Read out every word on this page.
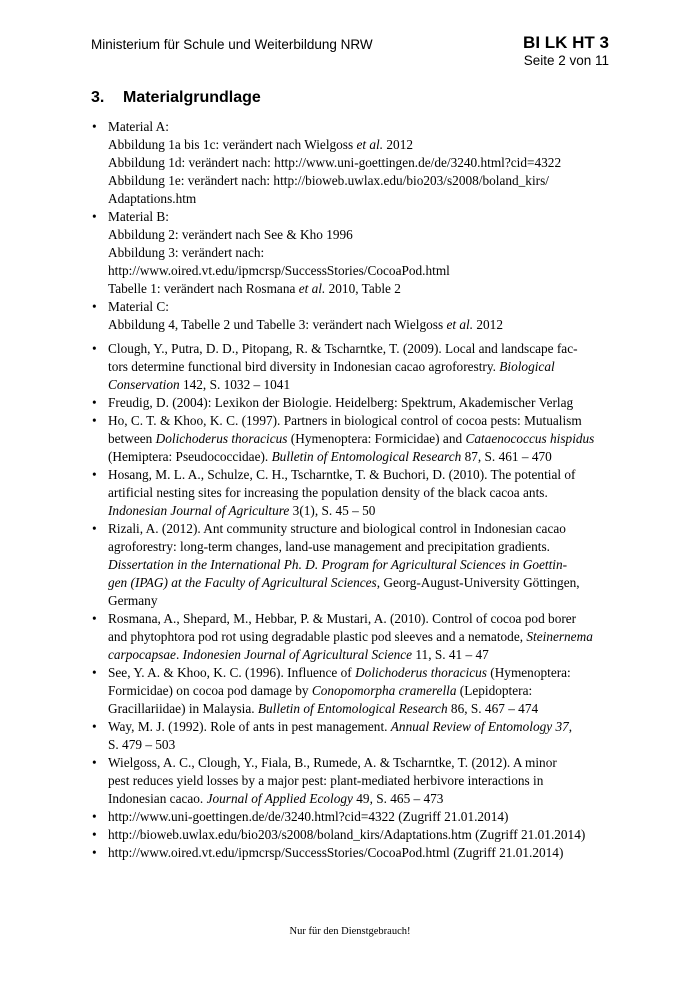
Ministerium für Schule und Weiterbildung NRW	BI LK HT 3
Seite 2 von 11
3. Materialgrundlage
• Material A:
Abbildung 1a bis 1c: verändert nach Wielgoss et al. 2012
Abbildung 1d: verändert nach: http://www.uni-goettingen.de/de/3240.html?cid=4322
Abbildung 1e: verändert nach: http://bioweb.uwlax.edu/bio203/s2008/boland_kirs/
Adaptations.htm
• Material B:
Abbildung 2: verändert nach See & Kho 1996
Abbildung 3: verändert nach:
http://www.oired.vt.edu/ipmcrsp/SuccessStories/CocoaPod.html
Tabelle 1: verändert nach Rosmana et al. 2010, Table 2
• Material C:
Abbildung 4, Tabelle 2 und Tabelle 3: verändert nach Wielgoss et al. 2012
• Clough, Y., Putra, D. D., Pitopang, R. & Tscharntke, T. (2009). Local and landscape fac-
tors determine functional bird diversity in Indonesian cacao agroforestry. Biological
Conservation 142, S. 1032 – 1041
• Freudig, D. (2004): Lexikon der Biologie. Heidelberg: Spektrum, Akademischer Verlag
• Ho, C. T. & Khoo, K. C. (1997). Partners in biological control of cocoa pests: Mutualism
between Dolichoderus thoracicus (Hymenoptera: Formicidae) and Cataenococcus hispidus
(Hemiptera: Pseudococcidae). Bulletin of Entomological Research 87, S. 461 – 470
• Hosang, M. L. A., Schulze, C. H., Tscharntke, T. & Buchori, D. (2010). The potential of
artificial nesting sites for increasing the population density of the black cacoa ants.
Indonesian Journal of Agriculture 3(1), S. 45 – 50
• Rizali, A. (2012). Ant community structure and biological control in Indonesian cacao
agroforestry: long-term changes, land-use management and precipitation gradients.
Dissertation in the International Ph. D. Program for Agricultural Sciences in Goettin-
gen (IPAG) at the Faculty of Agricultural Sciences, Georg-August-University Göttingen,
Germany
• Rosmana, A., Shepard, M., Hebbar, P. & Mustari, A. (2010). Control of cocoa pod borer
and phytophtora pod rot using degradable plastic pod sleeves and a nematode, Steinernema
carpocapsae. Indonesien Journal of Agricultural Science 11, S. 41 – 47
• See, Y. A. & Khoo, K. C. (1996). Influence of Dolichoderus thoracicus (Hymenoptera:
Formicidae) on cocoa pod damage by Conopomorpha cramerella (Lepidoptera:
Gracillariidae) in Malaysia. Bulletin of Entomological Research 86, S. 467 – 474
• Way, M. J. (1992). Role of ants in pest management. Annual Review of Entomology 37,
S. 479 – 503
• Wielgoss, A. C., Clough, Y., Fiala, B., Rumede, A. & Tscharntke, T. (2012). A minor
pest reduces yield losses by a major pest: plant-mediated herbivore interactions in
Indonesian cacao. Journal of Applied Ecology 49, S. 465 – 473
• http://www.uni-goettingen.de/de/3240.html?cid=4322 (Zugriff 21.01.2014)
• http://bioweb.uwlax.edu/bio203/s2008/boland_kirs/Adaptations.htm (Zugriff 21.01.2014)
• http://www.oired.vt.edu/ipmcrsp/SuccessStories/CocoaPod.html (Zugriff 21.01.2014)
Nur für den Dienstgebrauch!
